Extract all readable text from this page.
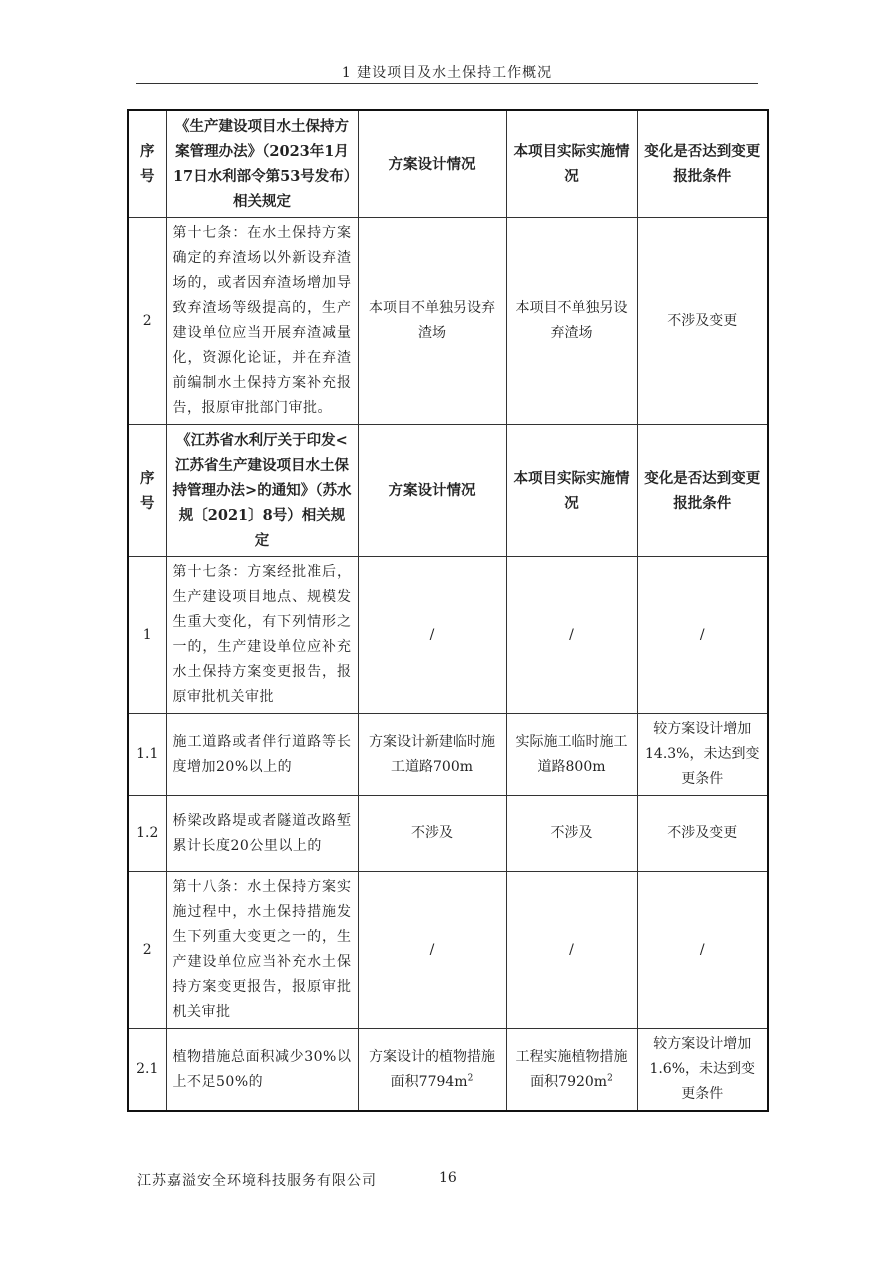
1 建设项目及水土保持工作概况
序号	《生产建设项目水土保持方案管理办法》（2023年1月17日水利部令第53号发布）相关规定	方案设计情况	本项目实际实施情况	变化是否达到变更报批条件
2	第十七条：在水土保持方案确定的弃渣场以外新设弃渣场的，或者因弃渣场增加导致弃渣场等级提高的，生产建设单位应当开展弃渣减量化，资源化论证，并在弃渣前编制水土保持方案补充报告，报原审批部门审批。	本项目不单独另设弃渣场	本项目不单独另设弃渣场	不涉及变更
序号	《江苏省水利厅关于印发<江苏省生产建设项目水土保持管理办法>的通知》（苏水规〔2021〕8号）相关规定	方案设计情况	本项目实际实施情况	变化是否达到变更报批条件
1	第十七条：方案经批准后，生产建设项目地点、规模发生重大变化，有下列情形之一的，生产建设单位应补充水土保持方案变更报告，报原审批机关审批	/	/	/
1.1	施工道路或者伴行道路等长度增加20%以上的	方案设计新建临时施工道路700m	实际施工临时施工道路800m	较方案设计增加14.3%，未达到变更条件
1.2	桥梁改路堤或者隧道改路堑累计长度20公里以上的	不涉及	不涉及	不涉及变更
2	第十八条：水土保持方案实施过程中，水土保持措施发生下列重大变更之一的，生产建设单位应当补充水土保持方案变更报告，报原审批机关审批	/	/	/
2.1	植物措施总面积减少30%以上不足50%的	方案设计的植物措施面积$7794m^2$	工程实施植物措施面积$7920m^2$	较方案设计增加1.6%，未达到变更条件
江苏嘉溢安全环境科技服务有限公司	16
